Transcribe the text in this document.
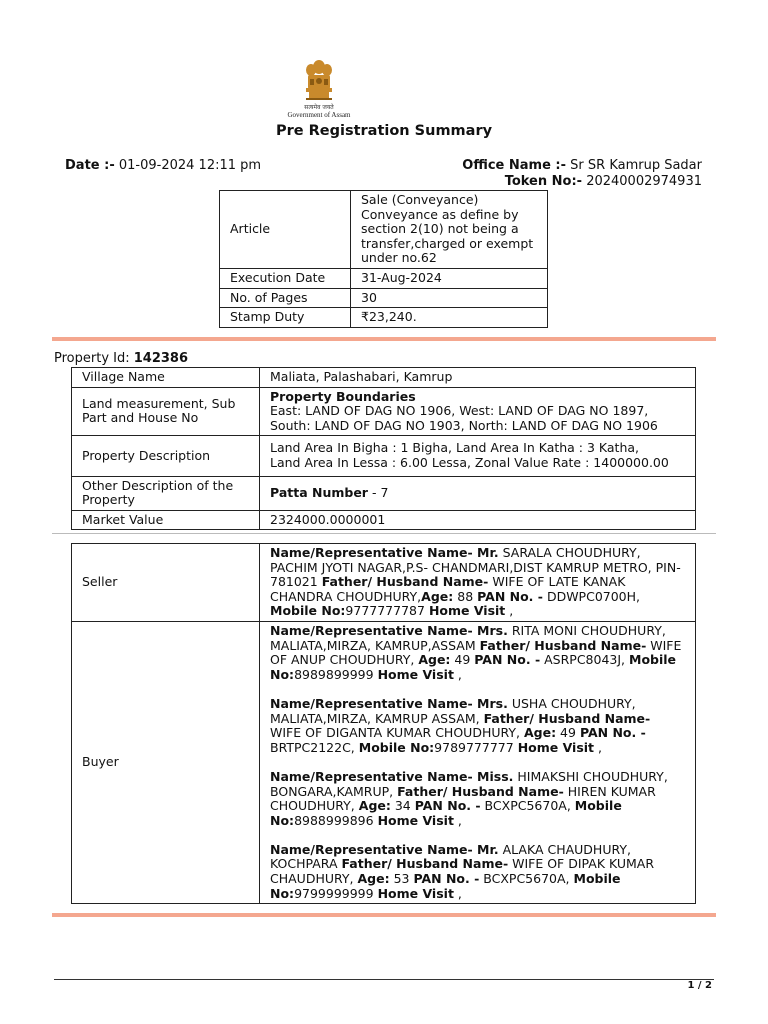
सत्यमेव जयते
Government of Assam
Pre Registration Summary
Date :- 01-09-2024 12:11 pm	Office Name :- Sr SR Kamrup Sadar
Token No:- 20240002974931
Article	Sale (Conveyance) Conveyance as define by section 2(10) not being a transfer,charged or exempt under no.62
Execution Date	31-Aug-2024
No. of Pages	30
Stamp Duty	₹23,240.
Property Id: 142386
Village Name	Maliata, Palashabari, Kamrup
Land measurement, Sub Part and House No	Property Boundaries
East: LAND OF DAG NO 1906, West: LAND OF DAG NO 1897,
South: LAND OF DAG NO 1903, North: LAND OF DAG NO 1906

Property Description	Land Area In Bigha : 1 Bigha, Land Area In Katha : 3 Katha,
Land Area In Lessa : 6.00 Lessa, Zonal Value Rate : 1400000.00

Other Description of the Property	Patta Number - 7
Market Value	2324000.0000001
Seller	Name/Representative Name- Mr. SARALA CHOUDHURY, PACHIM JYOTI NAGAR,P.S- CHANDMARI,DIST KAMRUP METRO, PIN-781021 Father/ Husband Name- WIFE OF LATE KANAK CHANDRA CHOUDHURY,Age: 88 PAN No. - DDWPC0700H, Mobile No:9777777787 Home Visit ,
Buyer	Name/Representative Name- Mrs. RITA MONI CHOUDHURY, MALIATA,MIRZA, KAMRUP,ASSAM Father/ Husband Name- WIFE OF ANUP CHOUDHURY, Age: 49 PAN No. - ASRPC8043J, Mobile No:8989899999 Home Visit ,
Name/Representative Name- Mrs. USHA CHOUDHURY, MALIATA,MIRZA, KAMRUP ASSAM, Father/ Husband Name- WIFE OF DIGANTA KUMAR CHOUDHURY, Age: 49 PAN No. - BRTPC2122C, Mobile No:9789777777 Home Visit ,
Name/Representative Name- Miss. HIMAKSHI CHOUDHURY, BONGARA,KAMRUP, Father/ Husband Name- HIREN KUMAR CHOUDHURY, Age: 34 PAN No. - BCXPC5670A, Mobile No:8988999896 Home Visit ,
Name/Representative Name- Mr. ALAKA CHAUDHURY, KOCHPARA Father/ Husband Name- WIFE OF DIPAK KUMAR CHAUDHURY, Age: 53 PAN No. - BCXPC5670A, Mobile No:9799999999 Home Visit ,
1 / 2
